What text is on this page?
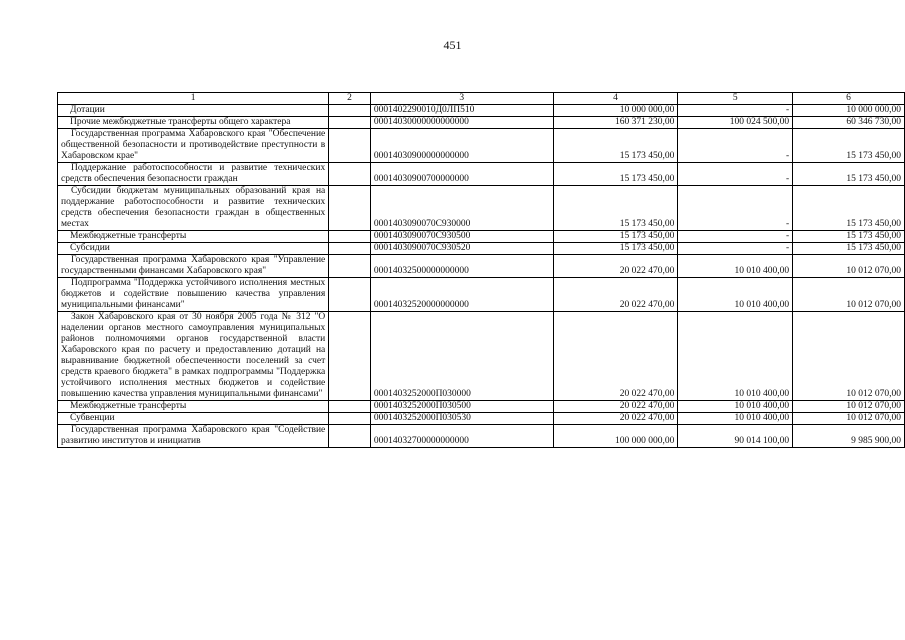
451
1	2	3	4	5	6
Дотации		0001402290010Д0ЛП510	10 000 000,00	-	10 000 000,00
Прочие межбюджетные трансферты общего характера		00014030000000000000	160 371 230,00	100 024 500,00	60 346 730,00
Государственная программа Хабаровского края "Обеспечение общественной безопасности и противодействие преступности в Хабаровском крае"		00014030900000000000	15 173 450,00	-	15 173 450,00
Поддержание работоспособности и развитие технических средств обеспечения безопасности граждан		00014030900700000000	15 173 450,00	-	15 173 450,00
Субсидии бюджетам муниципальных образований края на поддержание работоспособности и развитие технических средств обеспечения безопасности граждан в общественных местах		0001403090070С930000	15 173 450,00	-	15 173 450,00
Межбюджетные трансферты		0001403090070С930500	15 173 450,00	-	15 173 450,00
Субсидии		0001403090070С930520	15 173 450,00	-	15 173 450,00
Государственная программа Хабаровского края "Управление государственными финансами Хабаровского края"		00014032500000000000	20 022 470,00	10 010 400,00	10 012 070,00
Подпрограмма "Поддержка устойчивого исполнения местных бюджетов и содействие повышению качества управления муниципальными финансами"		00014032520000000000	20 022 470,00	10 010 400,00	10 012 070,00
Закон Хабаровского края от 30 ноября 2005 года № 312 "О наделении органов местного самоуправления муниципальных районов полномочиями органов государственной власти Хабаровского края по расчету и предоставлению дотаций на выравнивание бюджетной обеспеченности поселений за счет средств краевого бюджета" в рамках подпрограммы "Поддержка устойчивого исполнения местных бюджетов и содействие повышению качества управления муниципальными финансами"		0001403252000П030000	20 022 470,00	10 010 400,00	10 012 070,00
Межбюджетные трансферты		0001403252000П030500	20 022 470,00	10 010 400,00	10 012 070,00
Субвенции		0001403252000П030530	20 022 470,00	10 010 400,00	10 012 070,00
Государственная программа Хабаровского края "Содействие развитию институтов и инициатив		00014032700000000000	100 000 000,00	90 014 100,00	9 985 900,00
